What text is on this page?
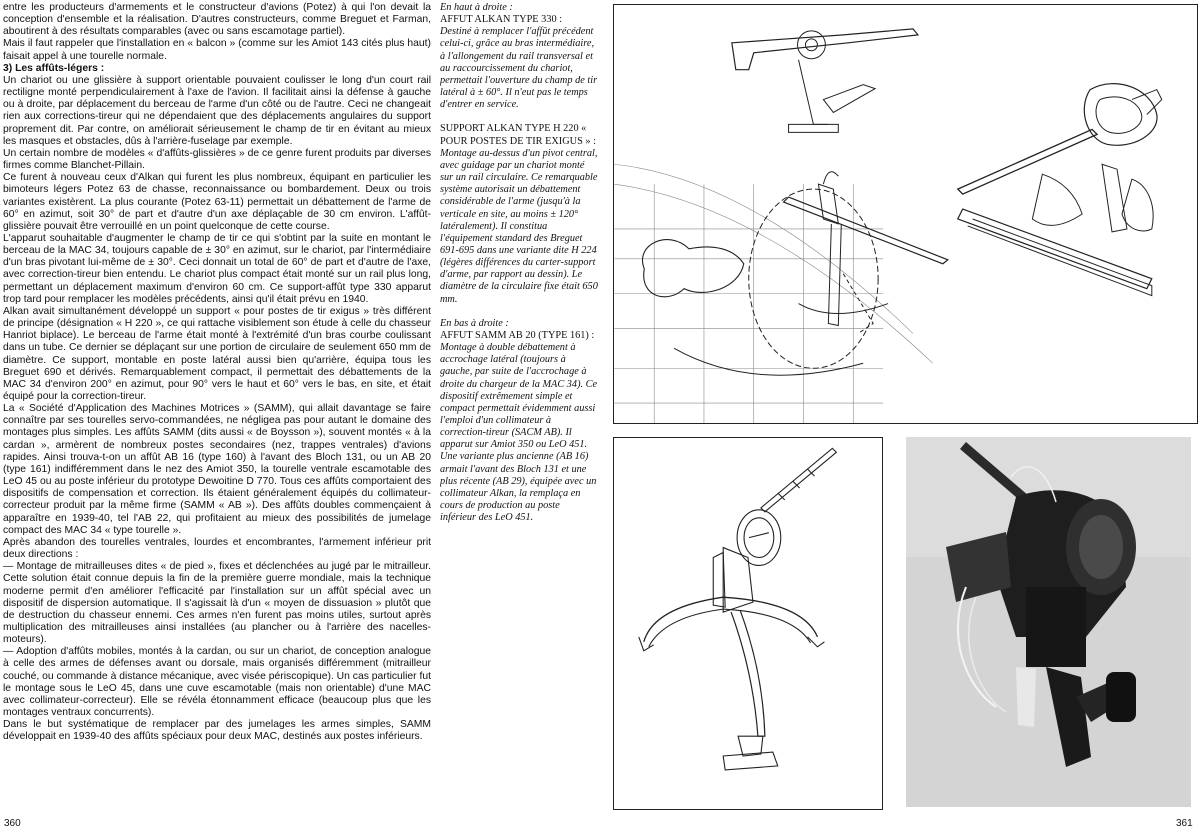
entre les producteurs d'armements et le constructeur d'avions (Potez) à qui l'on devait la conception d'ensemble et la réalisation. D'autres constructeurs, comme Breguet et Farman, aboutirent à des résultats comparables (avec ou sans escamotage partiel).

Mais il faut rappeler que l'installation en « balcon » (comme sur les Amiot 143 cités plus haut) faisait appel à une tourelle normale.

3) Les affûts-légers :

Un chariot ou une glissière à support orientable pouvaient coulisser le long d'un court rail rectiligne monté perpendiculairement à l'axe de l'avion. Il facilitait ainsi la défense à gauche ou à droite, par déplacement du berceau de l'arme d'un côté ou de l'autre. Ceci ne changeait rien aux corrections-tireur qui ne dépendaient que des déplacements angulaires du support proprement dit. Par contre, on améliorait sérieusement le champ de tir en évitant au mieux les masques et obstacles, dûs à l'arrière-fuselage par exemple.

Un certain nombre de modèles « d'affûts-glissières » de ce genre furent produits par diverses firmes comme Blanchet-Pillain.

Ce furent à nouveau ceux d'Alkan qui furent les plus nombreux, équipant en particulier les bimoteurs légers Potez 63 de chasse, reconnaissance ou bombardement. Deux ou trois variantes existèrent. La plus courante (Potez 63-11) permettait un débattement de l'arme de 60° en azimut, soit 30° de part et d'autre d'un axe déplaçable de 30 cm environ. L'affût-glissière pouvait être verrouillé en un point quelconque de cette course.

L'apparut souhaitable d'augmenter le champ de tir ce qui s'obtint par la suite en montant le berceau de la MAC 34, toujours capable de ± 30° en azimut, sur le chariot, par l'intermédiaire d'un bras pivotant lui-même de ± 30°. Ceci donnait un total de 60° de part et d'autre de l'axe, avec correction-tireur bien entendu. Le chariot plus compact était monté sur un rail plus long, permettant un déplacement maximum d'environ 60 cm. Ce support-affût type 330 apparut trop tard pour remplacer les modèles précédents, ainsi qu'il était prévu en 1940.

Alkan avait simultanément développé un support « pour postes de tir exigus » très différent de principe (désignation « H 220 », ce qui rattache visiblement son étude à celle du chasseur Hanriot biplace). Le berceau de l'arme était monté à l'extrémité d'un bras courbe coulissant dans un tube. Ce dernier se déplaçant sur une portion de circulaire de seulement 650 mm de diamètre. Ce support, montable en poste latéral aussi bien qu'arrière, équipa tous les Breguet 690 et dérivés. Remarquablement compact, il permettait des débattements de la MAC 34 d'environ 200° en azimut, pour 90° vers le haut et 60° vers le bas, en site, et était équipé pour la correction-tireur.

La « Société d'Application des Machines Motrices » (SAMM), qui allait davantage se faire connaître par ses tourelles servo-commandées, ne négligea pas pour autant le domaine des montages plus simples. Les affûts SAMM (dits aussi « de Boysson »), souvent montés « à la cardan », armèrent de nombreux postes secondaires (nez, trappes ventrales) d'avions rapides. Ainsi trouva-t-on un affût AB 16 (type 160) à l'avant des Bloch 131, ou un AB 20 (type 161) indifféremment dans le nez des Amiot 350, la tourelle ventrale escamotable des LeO 45 ou au poste inférieur du prototype Dewoitine D 770. Tous ces affûts comportaient des dispositifs de compensation et correction. Ils étaient généralement équipés du collimateur-correcteur produit par la même firme (SAMM « AB »). Des affûts doubles commençaient à apparaître en 1939-40, tel l'AB 22, qui profitaient au mieux des possibilités de jumelage compact des MAC 34 « type tourelle ».

Après abandon des tourelles ventrales, lourdes et encombrantes, l'armement inférieur prit deux directions :

— Montage de mitrailleuses dites « de pied », fixes et déclenchées au jugé par le mitrailleur. Cette solution était connue depuis la fin de la première guerre mondiale, mais la technique moderne permit d'en améliorer l'efficacité par l'installation sur un affût spécial avec un dispositif de dispersion automatique. Il s'agissait là d'un « moyen de dissuasion » plutôt que de destruction du chasseur ennemi. Ces armes n'en furent pas moins utiles, surtout après multiplication des mitrailleuses ainsi installées (au plancher ou à l'arrière des nacelles-moteurs).

— Adoption d'affûts mobiles, montés à la cardan, ou sur un chariot, de conception analogue à celle des armes de défenses avant ou dorsale, mais organisés différemment (mitrailleur couché, ou commande à distance mécanique, avec visée périscopique). Un cas particulier fut le montage sous le LeO 45, dans une cuve escamotable (mais non orientable) d'une MAC avec collimateur-correcteur). Elle se révéla étonnamment efficace (beaucoup plus que les montages ventraux concurrents).

Dans le but systématique de remplacer par des jumelages les armes simples, SAMM développait en 1939-40 des affûts spéciaux pour deux MAC, destinés aux postes inférieurs.

En haut à droite :

AFFUT ALKAN TYPE 330 :

Destiné à remplacer l'affût précédent celui-ci, grâce au bras intermédiaire, à l'allongement du rail transversal et au raccourcissement du chariot, permettait l'ouverture du champ de tir latéral à ± 60°. Il n'eut pas le temps d'entrer en service.

SUPPORT ALKAN TYPE H 220 « POUR POSTES DE TIR EXIGUS » :

Montage au-dessus d'un pivot central, avec guidage par un chariot monté sur un rail circulaire. Ce remarquable système autorisait un débattement considérable de l'arme (jusqu'à la verticale en site, au moins ± 120° latéralement). Il constitua l'équipement standard des Breguet 691-695 dans une variante dite H 224 (légères différences du carter-support d'arme, par rapport au dessin). Le diamètre de la circulaire fixe était 650 mm.

En bas à droite :

AFFUT SAMM AB 20 (TYPE 161) :

Montage à double débattement à accrochage latéral (toujours à gauche, par suite de l'accrochage à droite du chargeur de la MAC 34). Ce dispositif extrêmement simple et compact permettait évidemment aussi l'emploi d'un collimateur à correction-tireur (SACM AB). Il apparut sur Amiot 350 ou LeO 451. Une variante plus ancienne (AB 16) armait l'avant des Bloch 131 et une plus récente (AB 29), équipée avec un collimateur Alkan, la remplaça en cours de production au poste inférieur des LeO 451.

360	361
